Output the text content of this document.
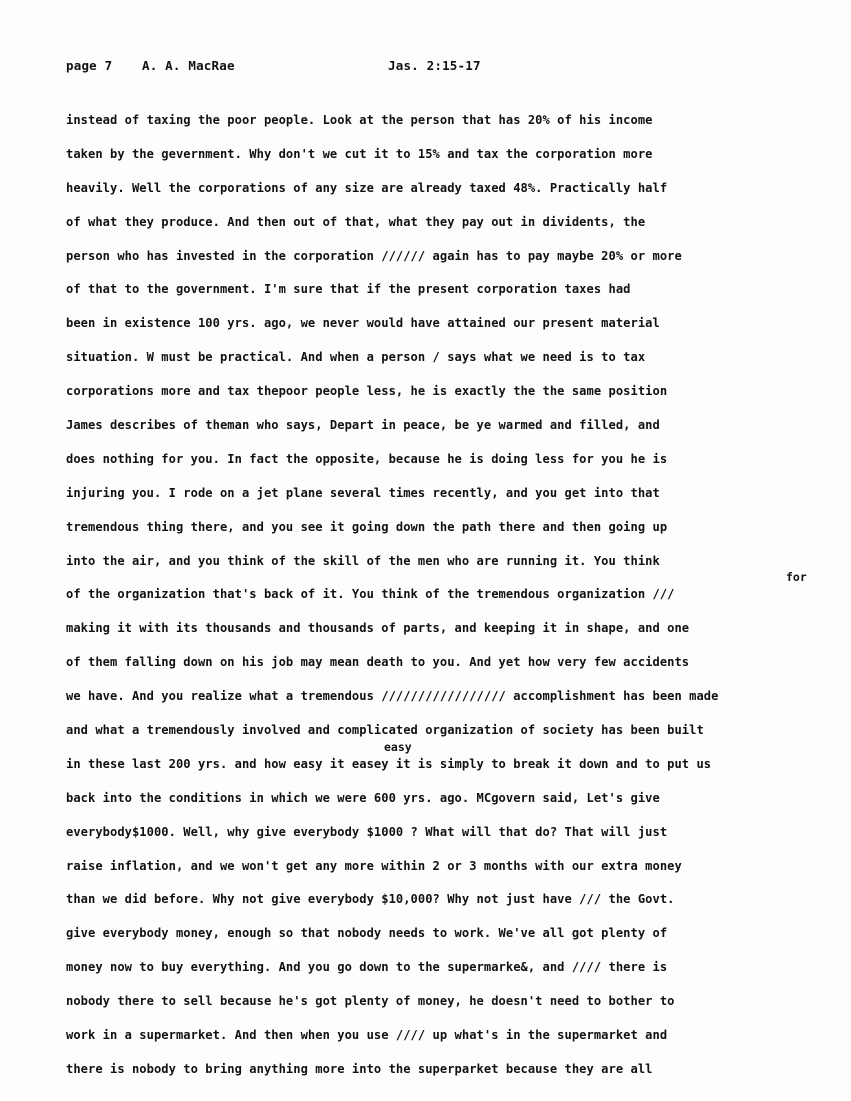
page 7 A. A. MacRae	Jas. 2:15-17
instead of taxing the poor people. Look at the person that has 20% of his income
taken by the gevernment. Why don't we cut it to 15% and tax the corporation more
heavily. Well the corporations of any size are already taxed 48%. Practically half
of what they produce. And then out of that, what they pay out in dividents, the
person who has invested in the corporation ////// again has to pay maybe 20% or more
of that to the government. I'm sure that if the present corporation taxes had
been in existence 100 yrs. ago, we never would have attained our present material
situation. W must be practical. And when a person / says what we need is to tax
corporations more and tax thepoor people less, he is exactly the the same position
James describes of theman who says, Depart in peace, be ye warmed and filled, and
does nothing for you. In fact the opposite, because he is doing less for you he is
injuring you. I rode on a jet plane several times recently, and you get into that
tremendous thing there, and you see it going down the path there and then going up
into the air, and you think of the skill of the men who are running it. You think
for
of the organization that's back of it. You think of the tremendous organization ///
making it with its thousands and thousands of parts, and keeping it in shape, and one
of them falling down on his job may mean death to you. And yet how very few accidents
we have. And you realize what a tremendous ///////////////// accomplishment has been made
and what a tremendously involved and complicated organization of society has been built
easy
in these last 200 yrs. and how easy it easey it is simply to break it down and to put us
back into the conditions in which we were 600 yrs. ago. MCgovern said, Let's give
everybody$1000. Well, why give everybody $1000 ? What will that do? That will just
raise inflation, and we won't get any more within 2 or 3 months with our extra money
than we did before. Why not give everybody $10,000? Why not just have /// the Govt.
give everybody money, enough so that nobody needs to work. We've all got plenty of
money now to buy everything. And you go down to the supermarke&, and //// there is
nobody there to sell because he's got plenty of money, he doesn't need to bother to
work in a supermarket. And then when you use //// up what's in the supermarket and
there is nobody to bring anything more into the superparket because they are all
